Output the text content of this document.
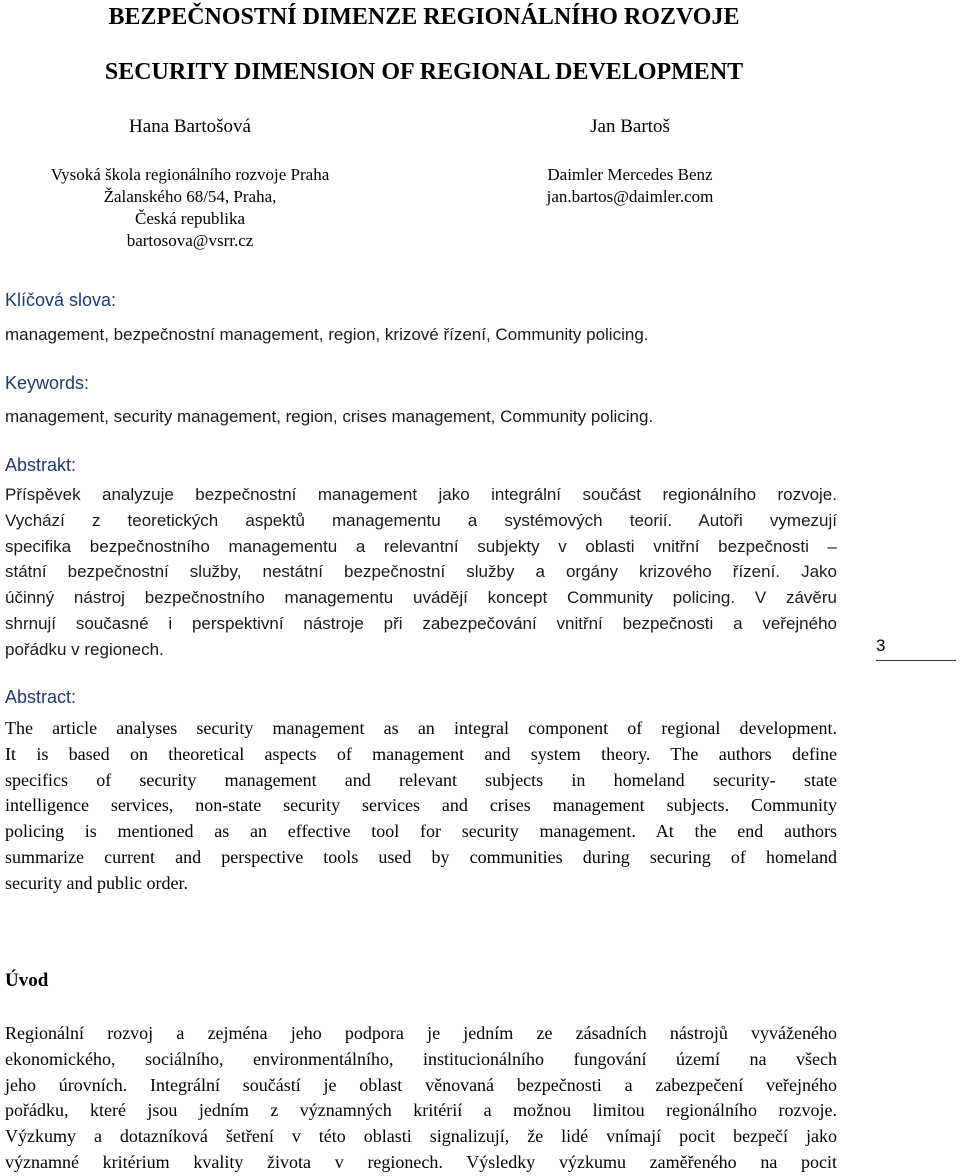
BEZPEČNOSTNÍ DIMENZE REGIONÁLNÍHO ROZVOJE
SECURITY DIMENSION OF REGIONAL DEVELOPMENT
Hana Bartošová	Jan Bartoš
Vysoká škola regionálního rozvoje Praha
Žalanského 68/54, Praha,
Česká republika
bartosova@vsrr.cz
Daimler Mercedes Benz
jan.bartos@daimler.com
Klíčová slova:
management, bezpečnostní management, region, krizové řízení, Community policing.
Keywords:
management, security management, region, crises management, Community policing.
Abstrakt:
Příspěvek analyzuje bezpečnostní management jako integrální součást regionálního rozvoje.
Vychází z teoretických aspektů managementu a systémových teorií. Autoři vymezují
specifika bezpečnostního managementu a relevantní subjekty v oblasti vnitřní bezpečnosti –
státní bezpečnostní služby, nestátní bezpečnostní služby a orgány krizového řízení. Jako
účinný nástroj bezpečnostního managementu uvádějí koncept Community policing. V závěru
shrnují současné i perspektivní nástroje při zabezpečování vnitřní bezpečnosti a veřejného
pořádku v regionech.	3
Abstract:
The article analyses security management as an integral component of regional development.
It is based on theoretical aspects of management and system theory. The authors define
specifics of security management and relevant subjects in homeland security- state
intelligence services, non-state security services and crises management subjects. Community
policing is mentioned as an effective tool for security management. At the end authors
summarize current and perspective tools used by communities during securing of homeland
security and public order.
Úvod
Regionální rozvoj a zejména jeho podpora je jedním ze zásadních nástrojů vyváženého
ekonomického, sociálního, environmentálního, institucionálního fungování území na všech
jeho úrovních. Integrální součástí je oblast věnovaná bezpečnosti a zabezpečení veřejného
pořádku, které jsou jedním z významných kritérií a možnou limitou regionálního rozvoje.
Výzkumy a dotazníková šetření v této oblasti signalizují, že lidé vnímají pocit bezpečí jako
významné kritérium kvality života v regionech. Výsledky výzkumu zaměřeného na pocit
